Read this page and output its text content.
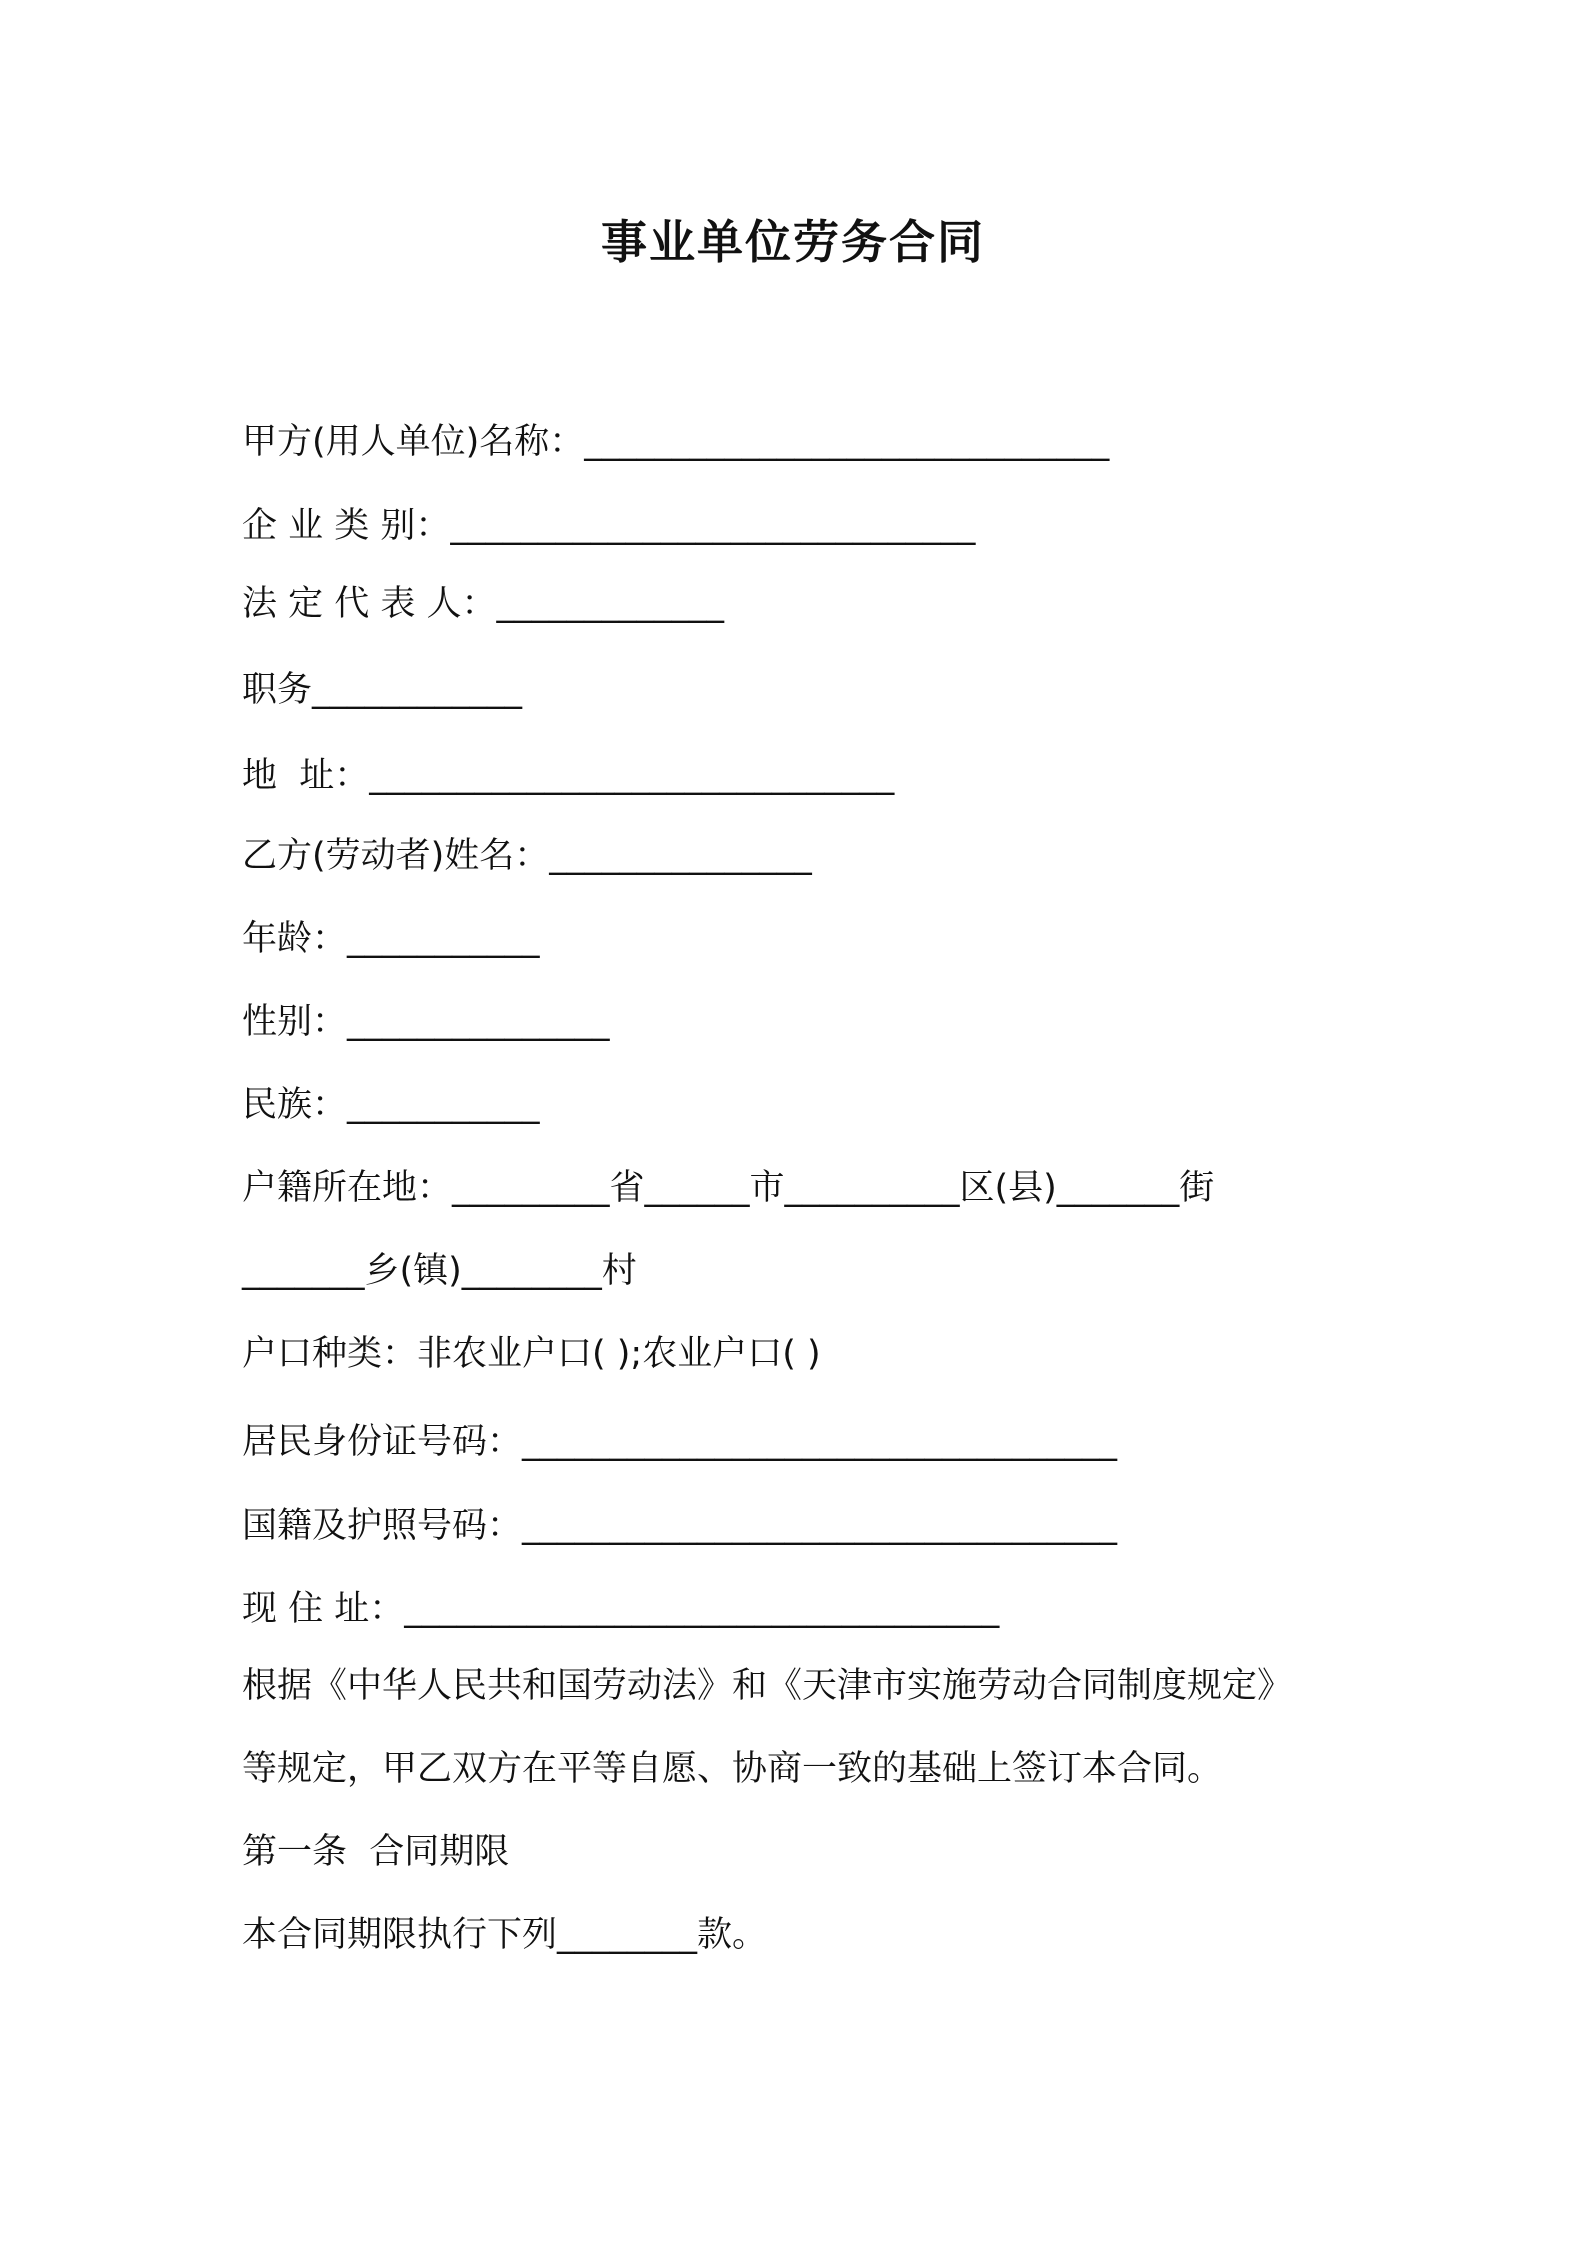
事业单位劳务合同
甲方(用人单位)名称：______________________________
企 业 类 别：______________________________
法 定 代 表 人：_____________
职务____________
地  址：______________________________
乙方(劳动者)姓名：_______________
年龄：___________
性别：_______________
民族：___________
户籍所在地：_________省______市__________区(县)_______街
_______乡(镇)________村
户口种类：非农业户口( );农业户口( )
居民身份证号码：__________________________________
国籍及护照号码：__________________________________
现 住 址：__________________________________
根据《中华人民共和国劳动法》和《天津市实施劳动合同制度规定》
等规定，甲乙双方在平等自愿、协商一致的基础上签订本合同。
第一条  合同期限
本合同期限执行下列________款。
